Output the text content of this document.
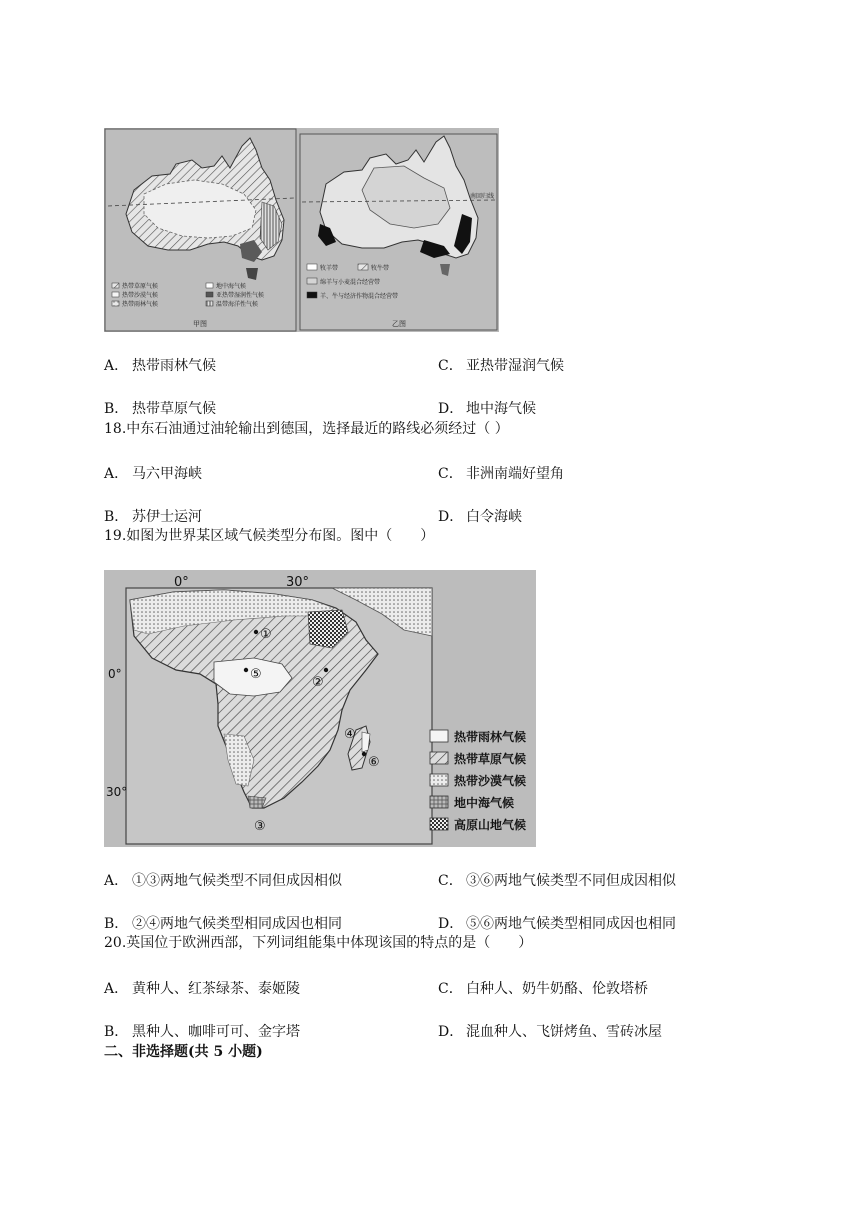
热带草原气候	地中海气候
热带沙漠气候	亚热带湿润性气候
热带雨林气候	温带海洋性气候
甲图
南回归线
牧羊带	牧牛带
绵羊与小麦混合经营带
羊、牛与经济作物混合经营带
乙图
A． 热带雨林气候	C． 亚热带湿润气候
B． 热带草原气候	D． 地中海气候
18.中东石油通过油轮输出到德国，选择最近的路线必须经过（ ）
A． 马六甲海峡	C． 非洲南端好望角
B． 苏伊士运河	D． 白令海峡
19.如图为世界某区域气候类型分布图。图中（　　）
0°	30°
0°
30°
①
②
③
④
⑤
⑥
热带雨林气候
热带草原气候
热带沙漠气候
地中海气候
高原山地气候
A． ①③两地气候类型不同但成因相似	C． ③⑥两地气候类型不同但成因相似
B． ②④两地气候类型相同成因也相同	D． ⑤⑥两地气候类型相同成因也相同
20.英国位于欧洲西部，下列词组能集中体现该国的特点的是（　　）
A． 黄种人、红茶绿茶、泰姬陵	C． 白种人、奶牛奶酪、伦敦塔桥
B． 黑种人、咖啡可可、金字塔	D． 混血种人、飞饼烤鱼、雪砖冰屋
二、非选择题(共 5 小题)
